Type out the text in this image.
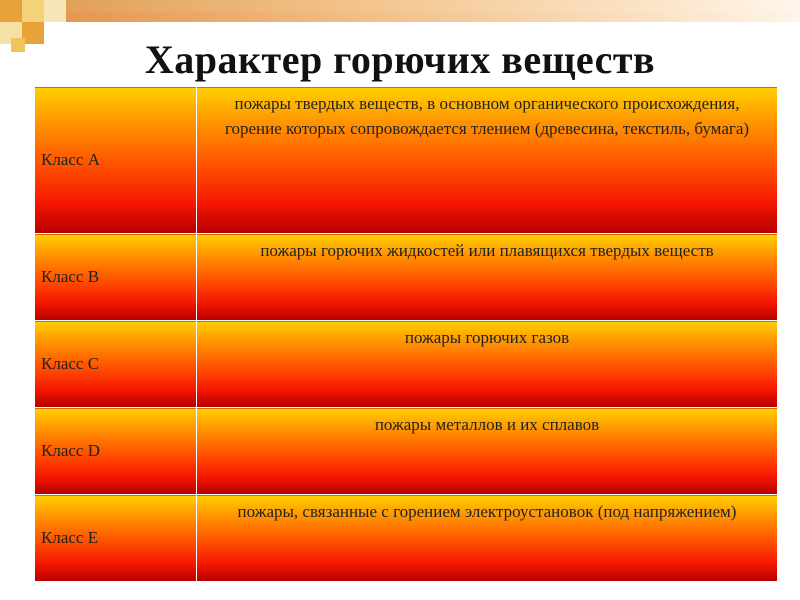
Характер горючих веществ
Класс А	пожары твердых веществ, в основном органического происхождения, горение которых сопровождается тлением (древесина, текстиль, бумага)
Класс В	пожары горючих жидкостей или плавящихся твердых веществ
Класс С	пожары горючих газов
Класс D	пожары металлов и их сплавов
Класс E	пожары, связанные с горением электроустановок (под напряжением)
